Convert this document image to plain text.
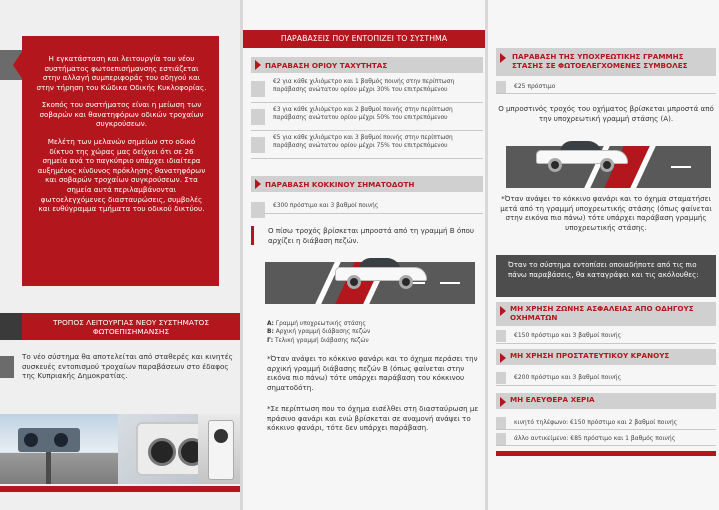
Η εγκατάσταση και λειτουργία του νέου συστήματος φωτοεπισήμανσης εστιάζεται στην αλλαγή συμπεριφοράς του οδηγού και στην τήρηση του Κώδικα Οδικής Κυκλοφορίας.

Σκοπός του συστήματος είναι η μείωση των σοβαρών και θανατηφόρων οδικών τροχαίων συγκρούσεων.

Μελέτη των μελανών σημείων στο οδικό δίκτυο της χώρας μας δείχνει ότι σε 26 σημεία ανά το παγκύπριο υπάρχει ιδιαίτερα αυξημένος κίνδυνος πρόκλησης θανατηφόρων και σοβαρών τροχαίων συγκρούσεων. Στα σημεία αυτά περιλαμβάνονται φωτοελεγχόμενες διασταυρώσεις, συμβολές και ευθύγραμμα τμήματα του οδικού δικτύου.

ΤΡΟΠΟΣ ΛΕΙΤΟΥΡΓΙΑΣ ΝΕΟΥ ΣΥΣΤΗΜΑΤΟΣ ΦΩΤΟΕΠΙΣΗΜΑΝΣΗΣ
Το νέο σύστημα θα αποτελείται από σταθερές και κινητές συσκευές εντοπισμού τροχαίων παραβάσεων στο έδαφος της Κυπριακής Δημοκρατίας.
ΠΑΡΑΒΑΣΕΙΣ ΠΟΥ ΕΝΤΟΠΙΖΕΙ ΤΟ ΣΥΣΤΗΜΑ
ΠΑΡΑΒΑΣΗ ΟΡΙΟΥ ΤΑΧΥΤΗΤΑΣ
€2 για κάθε χιλιόμετρο και 1 βαθμός ποινής στην περίπτωση παράβασης ανώτατου ορίου μέχρι 30% του επιτρεπόμενου
€3 για κάθε χιλιόμετρο και 2 βαθμοί ποινής στην περίπτωση παράβασης ανώτατου ορίου μέχρι 50% του επιτρεπόμενου
€5 για κάθε χιλιόμετρο και 3 βαθμοί ποινής στην περίπτωση παράβασης ανώτατου ορίου μέχρι 75% του επιτρεπόμενου
ΠΑΡΑΒΑΣΗ ΚΟΚΚΙΝΟΥ ΣΗΜΑΤΟΔΟΤΗ
€300 πρόστιμο και 3 βαθμοί ποινής
Ο πίσω τροχός βρίσκεται μπροστά από τη γραμμή Β όπου αρχίζει η διάβαση πεζών.
Α: Γραμμή υποχρεωτικής στάσης
Β: Αρχική γραμμή διάβασης πεζών
Γ: Τελική γραμμή διάβασης πεζών
*Όταν ανάψει το κόκκινο φανάρι και το όχημα περάσει την αρχική γραμμή διάβασης πεζών Β (όπως φαίνεται στην εικόνα πιο πάνω) τότε υπάρχει παράβαση του κόκκινου σηματοδότη.
*Σε περίπτωση που το όχημα εισέλθει στη διασταύρωση με πράσινο φανάρι και ενώ βρίσκεται σε αναμονή ανάψει το κόκκινο φανάρι, τότε δεν υπάρχει παράβαση.
ΠΑΡΑΒΑΣΗ ΤΗΣ ΥΠΟΧΡΕΩΤΙΚΗΣ ΓΡΑΜΜΗΣ ΣΤΑΣΗΣ ΣΕ ΦΩΤΟΕΛΕΓΧΟΜΕΝΕΣ ΣΥΜΒΟΛΕΣ
€25 πρόστιμο
Ο μπροστινός τροχός του οχήματος βρίσκεται μπροστά από την υποχρεωτική γραμμή στάσης (Α).
*Όταν ανάψει το κόκκινο φανάρι και το όχημα σταματήσει μετά από τη γραμμή υποχρεωτικής στάσης (όπως φαίνεται στην εικόνα πιο πάνω) τότε υπάρχει παράβαση γραμμής υποχρεωτικής στάσης.
Όταν το σύστημα εντοπίσει οποιαδήποτε από τις πιο πάνω παραβάσεις, θα καταγράφει και τις ακόλουθες:
ΜΗ ΧΡΗΣΗ ΖΩΝΗΣ ΑΣΦΑΛΕΙΑΣ ΑΠΟ ΟΔΗΓΟΥΣ ΟΧΗΜΑΤΩΝ
€150 πρόστιμο και 3 βαθμοί ποινής
ΜΗ ΧΡΗΣΗ ΠΡΟΣΤΑΤΕΥΤΙΚΟΥ ΚΡΑΝΟΥΣ
€200 πρόστιμο και 3 βαθμοί ποινής
ΜΗ ΕΛΕΥΘΕΡΑ ΧΕΡΙΑ
κινητό τηλέφωνο: €150 πρόστιμο και 2 βαθμοί ποινής
άλλο αντικείμενο: €85 πρόστιμο και 1 βαθμός ποινής
